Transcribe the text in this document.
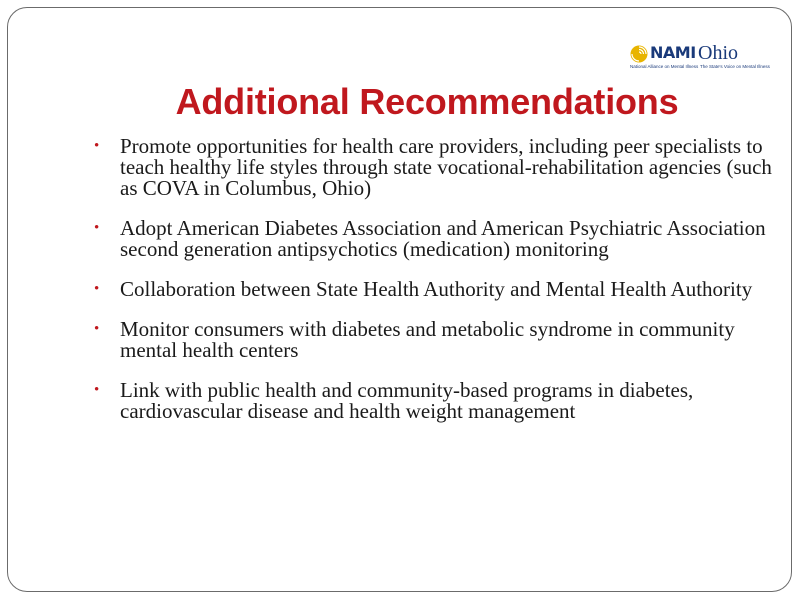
NAMI Ohio
National Alliance on Mental Illness The State's Voice on Mental Illness
Additional Recommendations
• Promote opportunities for health care providers, including peer specialists to teach healthy life styles through state vocational-rehabilitation agencies (such as COVA in Columbus, Ohio)
• Adopt American Diabetes Association and American Psychiatric Association second generation antipsychotics (medication) monitoring
• Collaboration between State Health Authority and Mental Health Authority
• Monitor consumers with diabetes and metabolic syndrome in community mental health centers
• Link with public health and community-based programs in diabetes, cardiovascular disease and health weight management
